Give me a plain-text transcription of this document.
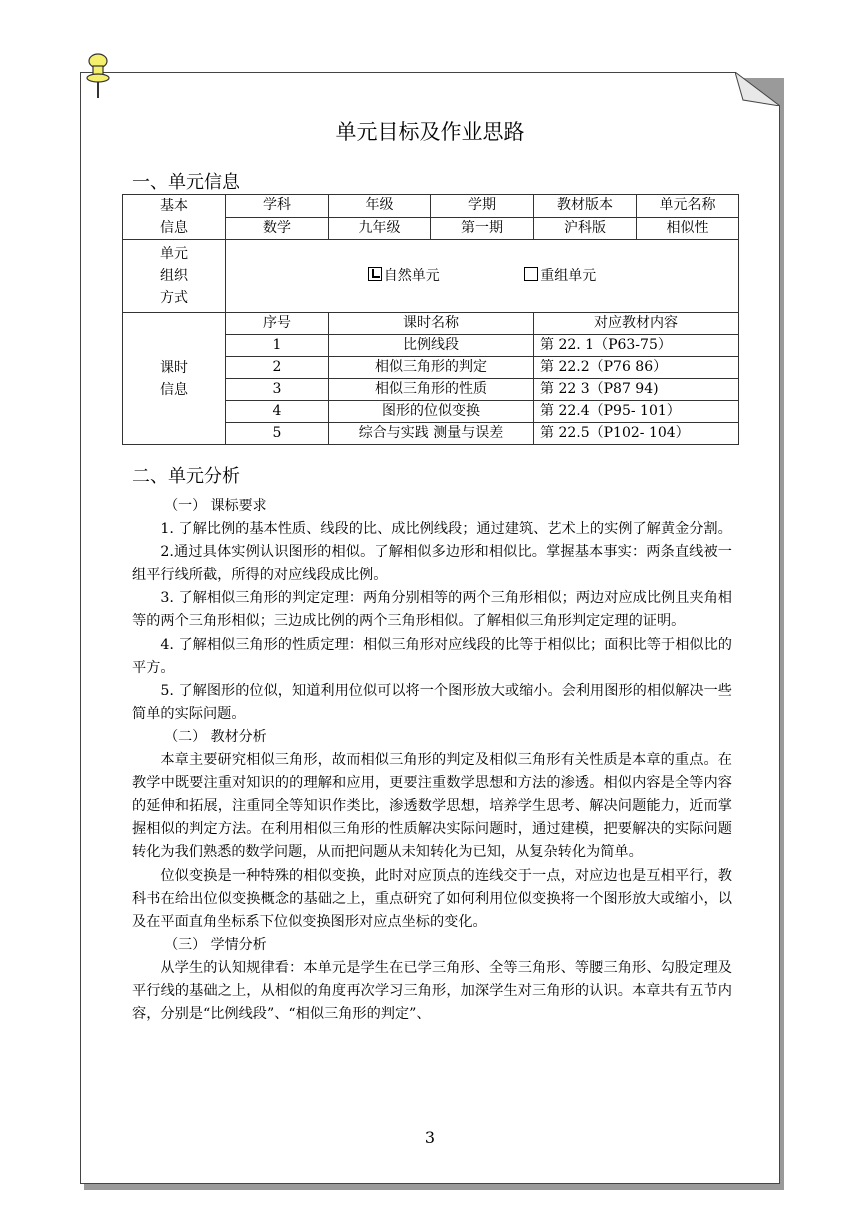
单元目标及作业思路
一、单元信息
基本信息	学科	年级	学期	教材版本	单元名称
	数学	九年级	第一期	沪科版	相似性
单元组织方式	自然单元 重组单元				
课时信息	序号	课时名称		对应教材内容	
	1	比例线段		第 22. 1（P63-75）	
	2	相似三角形的判定		第 22.2（P76 86）	
	3	相似三角形的性质		第 22 3（P87 94)	
	4	图形的位似变换		第 22.4（P95- 101）	
	5	综合与实践 测量与误差		第 22.5（P102- 104）	
二、单元分析

（一） 课标要求

1. 了解比例的基本性质、线段的比、成比例线段；通过建筑、艺术上的实例了解黄金分割。

2.通过具体实例认识图形的相似。了解相似多边形和相似比。掌握基本事实：两条直线被一组平行线所截，所得的对应线段成比例。

3. 了解相似三角形的判定定理：两角分别相等的两个三角形相似；两边对应成比例且夹角相等的两个三角形相似；三边成比例的两个三角形相似。了解相似三角形判定定理的证明。

4. 了解相似三角形的性质定理：相似三角形对应线段的比等于相似比；面积比等于相似比的平方。

5. 了解图形的位似，知道利用位似可以将一个图形放大或缩小。会利用图形的相似解决一些简单的实际问题。

（二） 教材分析

本章主要研究相似三角形，故而相似三角形的判定及相似三角形有关性质是本章的重点。在教学中既要注重对知识的的理解和应用，更要注重数学思想和方法的渗透。相似内容是全等内容的延伸和拓展，注重同全等知识作类比，渗透数学思想，培养学生思考、解决问题能力，近而掌握相似的判定方法。在利用相似三角形的性质解决实际问题时，通过建模，把要解决的实际问题转化为我们熟悉的数学问题，从而把问题从未知转化为已知，从复杂转化为简单。

位似变换是一种特殊的相似变换，此时对应顶点的连线交于一点，对应边也是互相平行，教科书在给出位似变换概念的基础之上，重点研究了如何利用位似变换将一个图形放大或缩小，以及在平面直角坐标系下位似变换图形对应点坐标的变化。

（三） 学情分析

从学生的认知规律看：本单元是学生在已学三角形、全等三角形、等腰三角形、勾股定理及平行线的基础之上，从相似的角度再次学习三角形，加深学生对三角形的认识。本章共有五节内容，分别是“比例线段”、“相似三角形的判定”、

3
